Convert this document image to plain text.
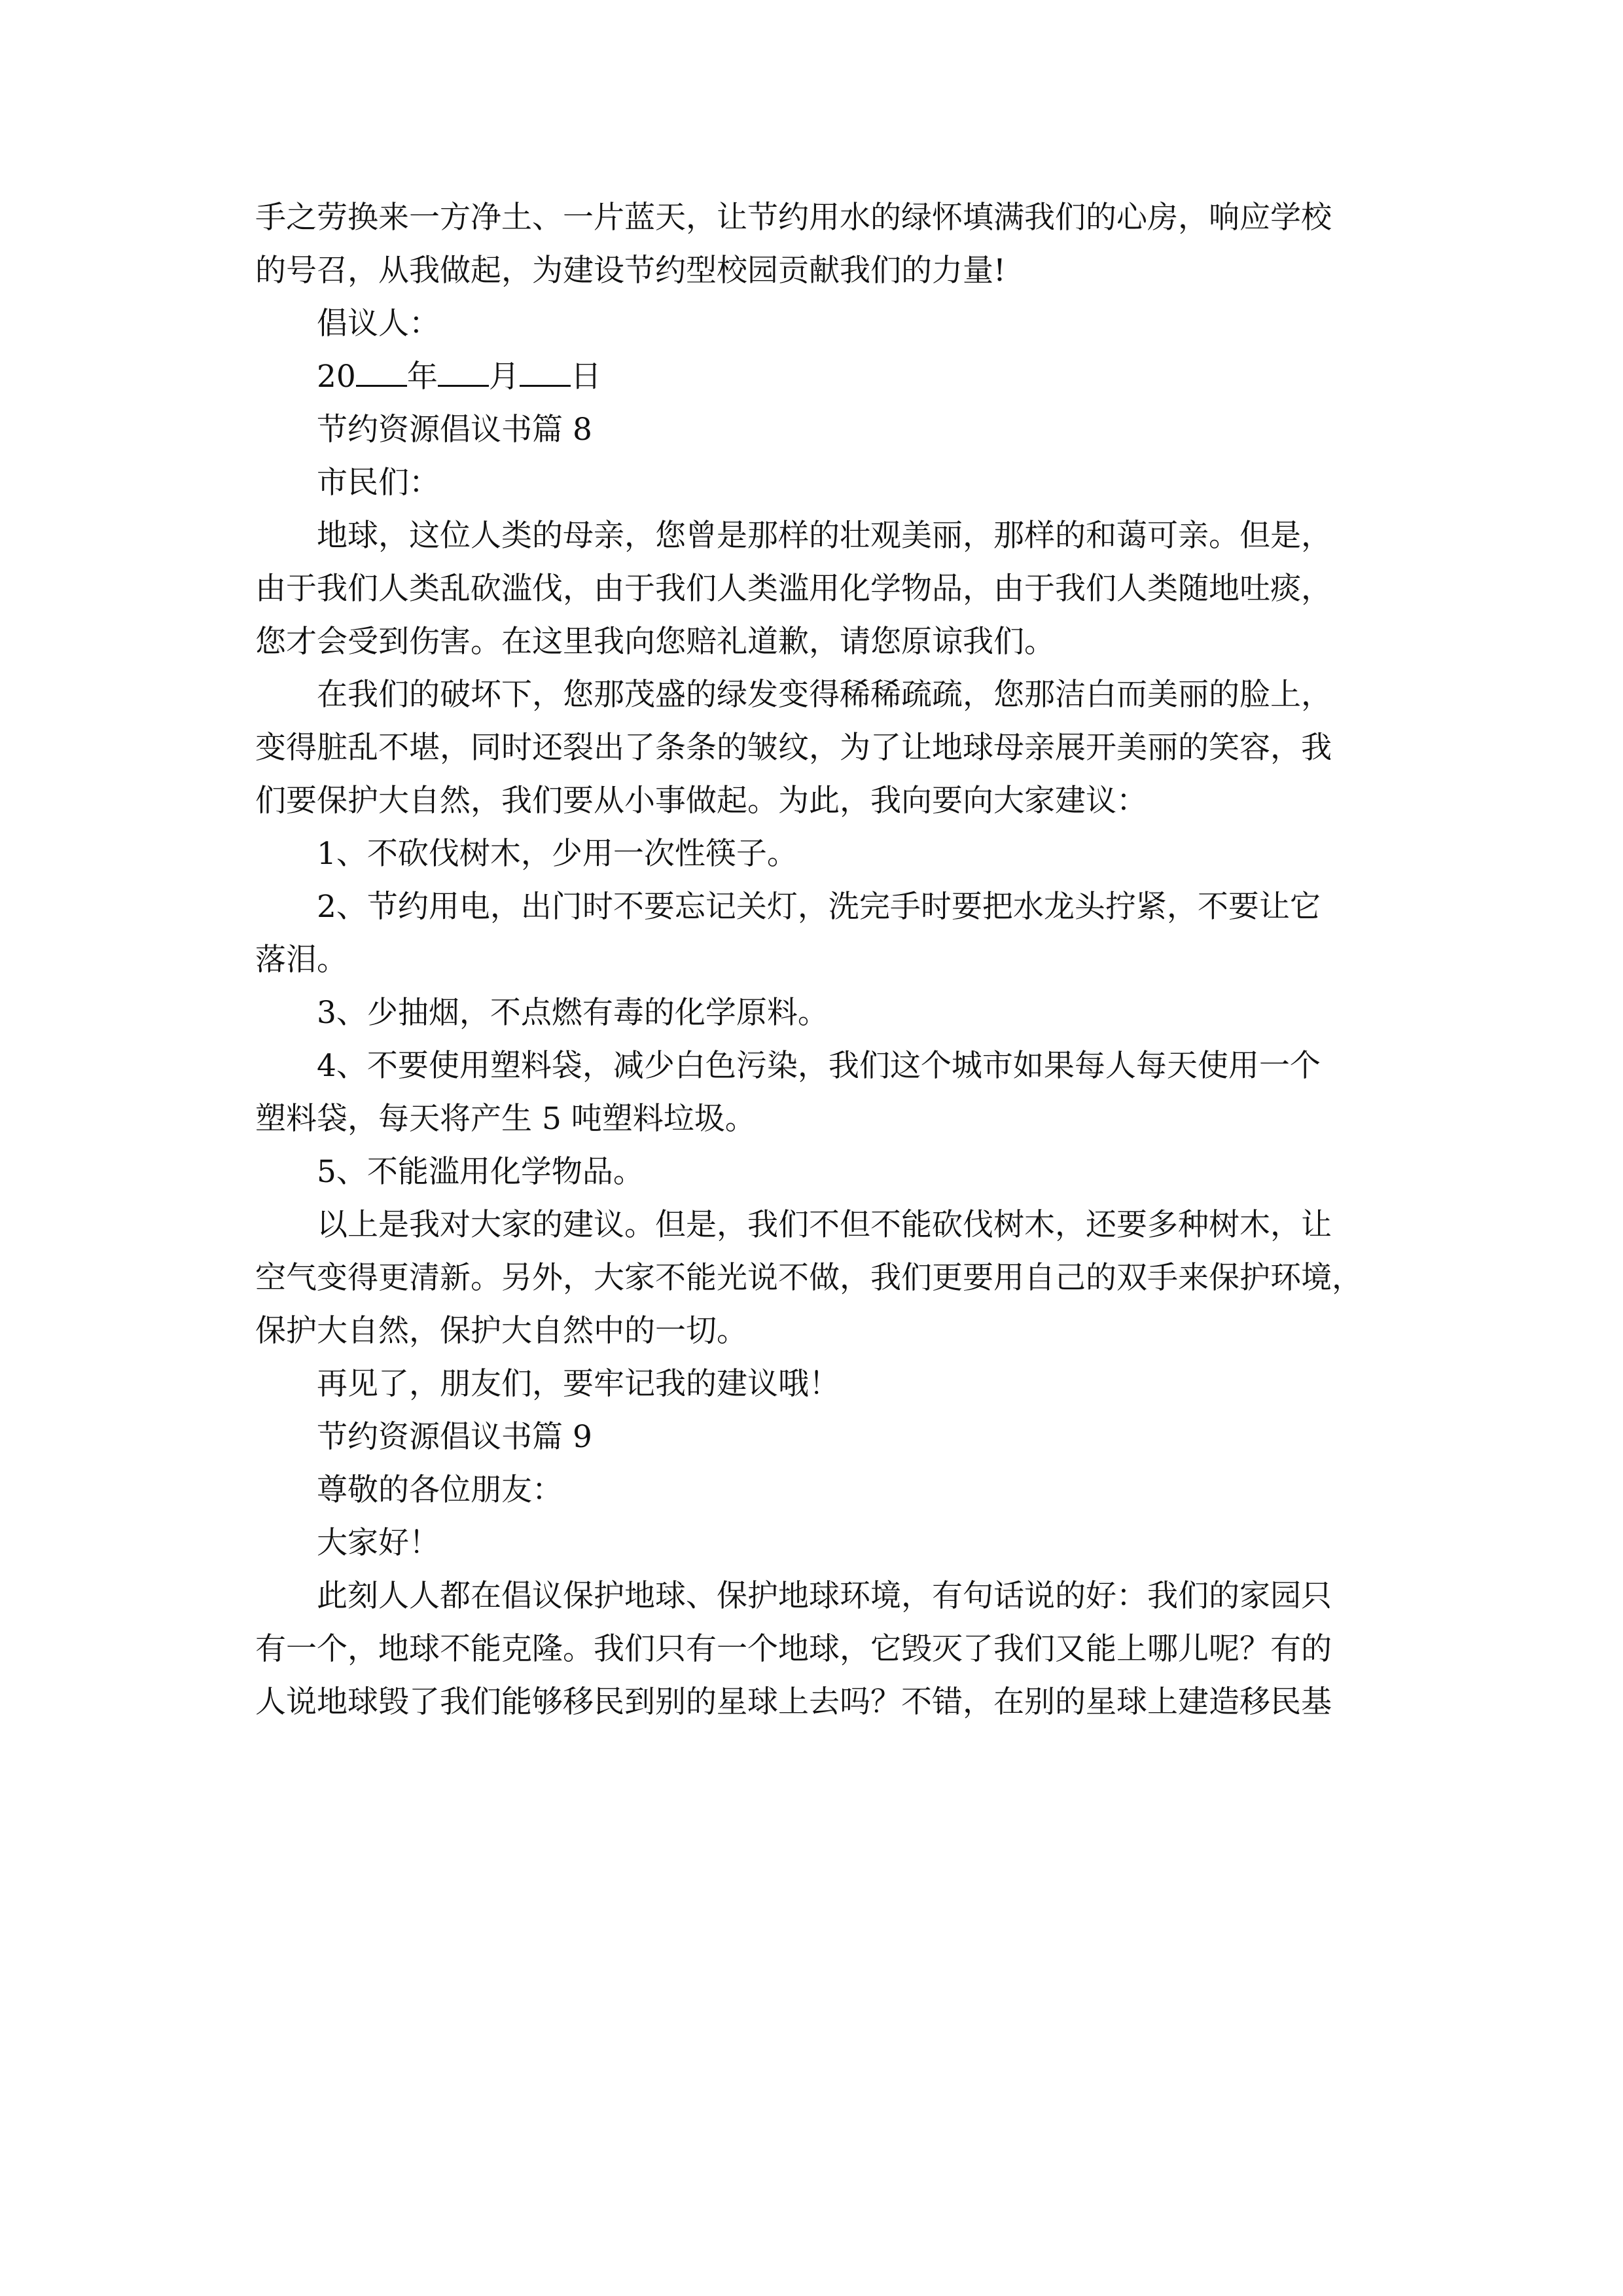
手之劳换来一方净土、一片蓝天，让节约用水的绿怀填满我们的心房，响应学校
的号召，从我做起，为建设节约型校园贡献我们的力量!
倡议人：
20 年 月 日
节约资源倡议书篇 8
市民们：
地球，这位人类的母亲，您曾是那样的壮观美丽，那样的和蔼可亲。但是，
由于我们人类乱砍滥伐，由于我们人类滥用化学物品，由于我们人类随地吐痰，
您才会受到伤害。在这里我向您赔礼道歉，请您原谅我们。
在我们的破坏下，您那茂盛的绿发变得稀稀疏疏，您那洁白而美丽的脸上，
变得脏乱不堪，同时还裂出了条条的皱纹，为了让地球母亲展开美丽的笑容，我
们要保护大自然，我们要从小事做起。为此，我向要向大家建议：
1、不砍伐树木，少用一次性筷子。
2、节约用电，出门时不要忘记关灯，洗完手时要把水龙头拧紧，不要让它
落泪。
3、少抽烟，不点燃有毒的化学原料。
4、不要使用塑料袋，减少白色污染，我们这个城市如果每人每天使用一个
塑料袋，每天将产生 5 吨塑料垃圾。
5、不能滥用化学物品。
以上是我对大家的建议。但是，我们不但不能砍伐树木，还要多种树木，让
空气变得更清新。另外，大家不能光说不做，我们更要用自己的双手来保护环境，
保护大自然，保护大自然中的一切。
再见了，朋友们，要牢记我的建议哦！
节约资源倡议书篇 9
尊敬的各位朋友：
大家好！
此刻人人都在倡议保护地球、保护地球环境，有句话说的好：我们的家园只
有一个，地球不能克隆。我们只有一个地球，它毁灭了我们又能上哪儿呢？有的
人说地球毁了我们能够移民到别的星球上去吗？不错，在别的星球上建造移民基
